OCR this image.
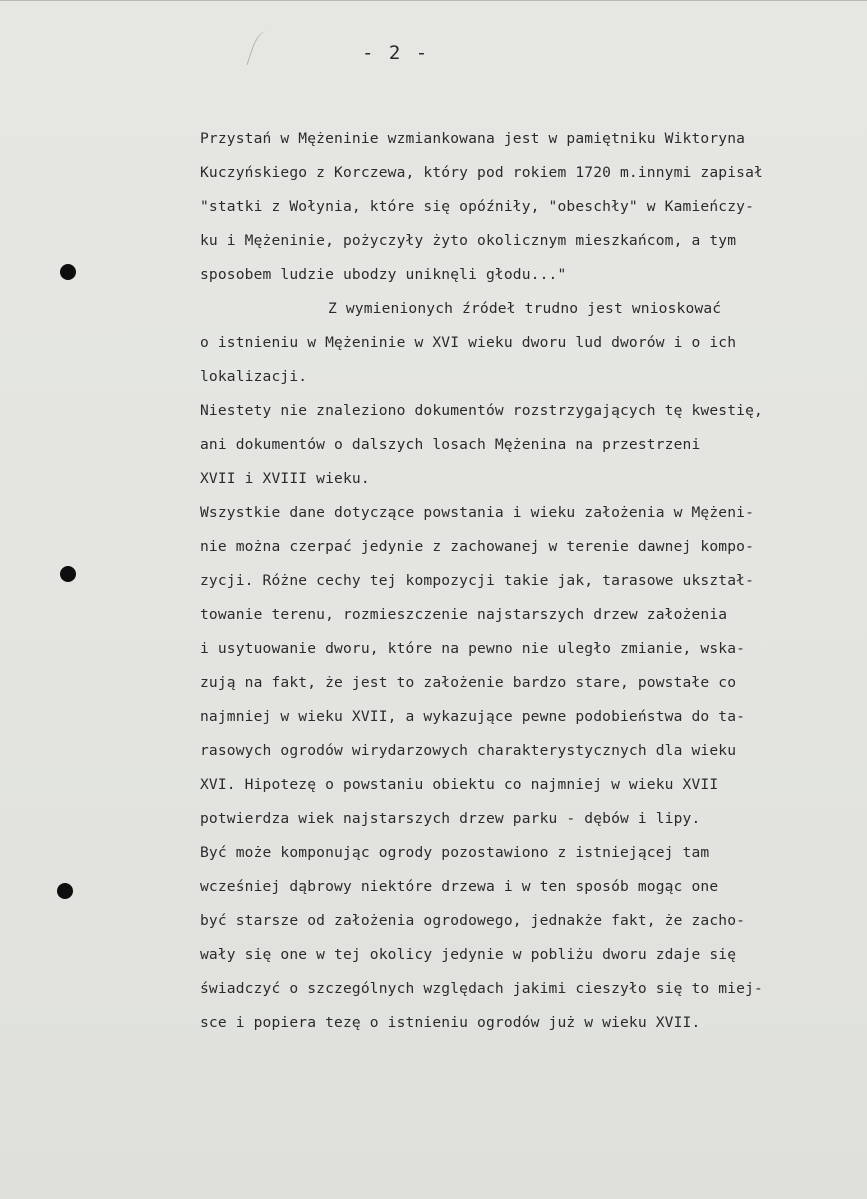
- 2 -
Przystań w Mężeninie wzmiankowana jest w pamiętniku Wiktoryna
Kuczyńskiego z Korczewa, który pod rokiem 1720 m.innymi zapisał
"statki z Wołynia, które się opóźniły, "obeschły" w Kamieńczy-
ku i Mężeninie, pożyczyły żyto okolicznym mieszkańcom, a tym
sposobem ludzie ubodzy uniknęli głodu..."
Z wymienionych źródeł trudno jest wnioskować
o istnieniu w Mężeninie w XVI wieku dworu lud dworów i o ich
lokalizacji.
Niestety nie znaleziono dokumentów rozstrzygających tę kwestię,
ani dokumentów o dalszych losach Mężenina na przestrzeni
XVII i XVIII wieku.
Wszystkie dane dotyczące powstania i wieku założenia w Mężeni-
nie można czerpać jedynie z zachowanej w terenie dawnej kompo-
zycji. Różne cechy tej kompozycji takie jak, tarasowe ukształ-
towanie terenu, rozmieszczenie najstarszych drzew założenia
i usytuowanie dworu, które na pewno nie uległo zmianie, wska-
zują na fakt, że jest to założenie bardzo stare, powstałe co
najmniej w wieku XVII, a wykazujące pewne podobieństwa do ta-
rasowych ogrodów wirydarzowych charakterystycznych dla wieku
XVI. Hipotezę o powstaniu obiektu co najmniej w wieku XVII
potwierdza wiek najstarszych drzew parku - dębów i lipy.
Być może komponując ogrody pozostawiono z istniejącej tam
wcześniej dąbrowy niektóre drzewa i w ten sposób mogąc one
być starsze od założenia ogrodowego, jednakże fakt, że zacho-
wały się one w tej okolicy jedynie w pobliżu dworu zdaje się
świadczyć o szczególnych względach jakimi cieszyło się to miej-
sce i popiera tezę o istnieniu ogrodów już w wieku XVII.
